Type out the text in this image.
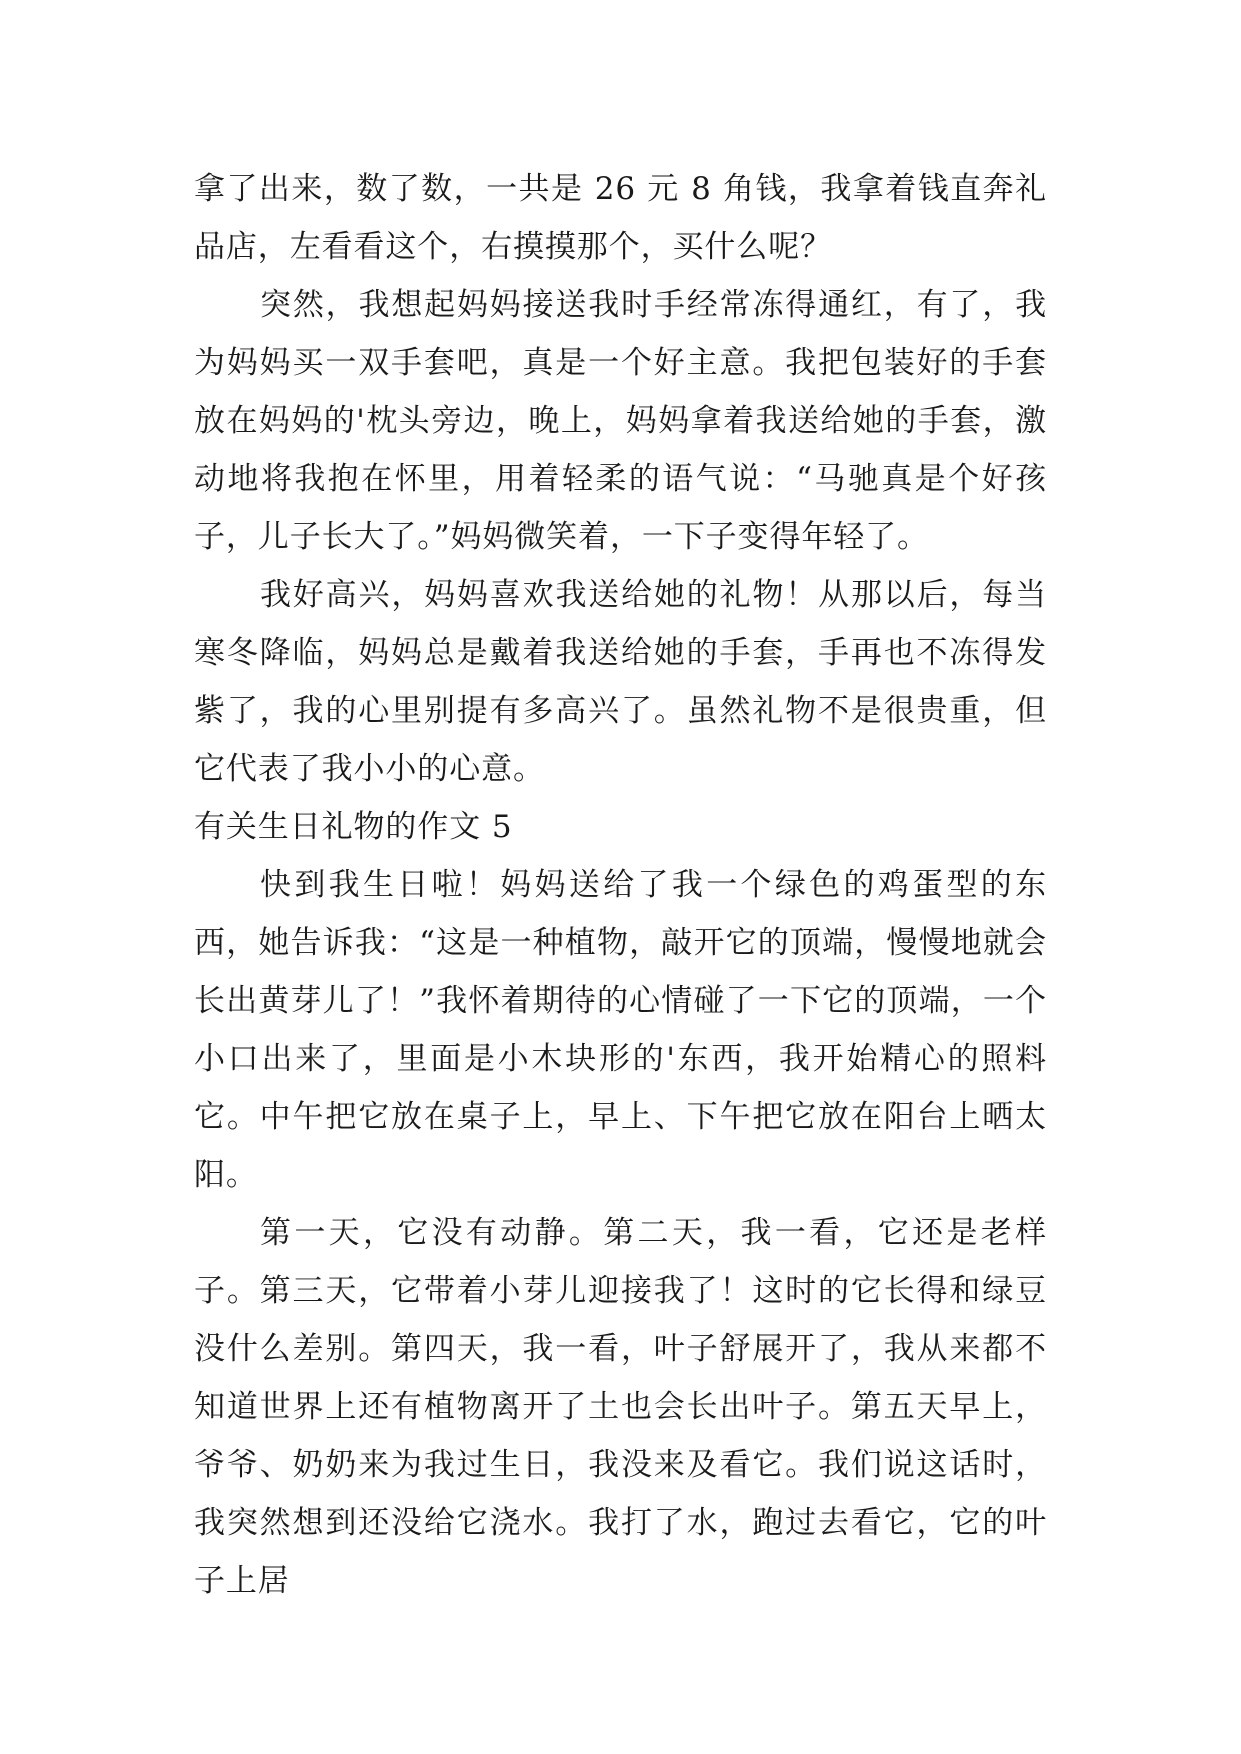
拿了出来，数了数，一共是 26 元 8 角钱，我拿着钱直奔礼品店，左看看这个，右摸摸那个，买什么呢？

突然，我想起妈妈接送我时手经常冻得通红，有了，我为妈妈买一双手套吧，真是一个好主意。我把包装好的手套放在妈妈的'枕头旁边，晚上，妈妈拿着我送给她的手套，激动地将我抱在怀里，用着轻柔的语气说：“马驰真是个好孩子，儿子长大了。”妈妈微笑着，一下子变得年轻了。

我好高兴，妈妈喜欢我送给她的礼物！从那以后，每当寒冬降临，妈妈总是戴着我送给她的手套，手再也不冻得发紫了，我的心里别提有多高兴了。虽然礼物不是很贵重，但它代表了我小小的心意。

有关生日礼物的作文 5

快到我生日啦！妈妈送给了我一个绿色的鸡蛋型的东西，她告诉我：“这是一种植物，敲开它的顶端，慢慢地就会长出黄芽儿了！”我怀着期待的心情碰了一下它的顶端，一个小口出来了，里面是小木块形的'东西，我开始精心的照料它。中午把它放在桌子上，早上、下午把它放在阳台上晒太阳。

第一天，它没有动静。第二天，我一看，它还是老样子。第三天，它带着小芽儿迎接我了！这时的它长得和绿豆没什么差别。第四天，我一看，叶子舒展开了，我从来都不知道世界上还有植物离开了土也会长出叶子。第五天早上，爷爷、奶奶来为我过生日，我没来及看它。我们说这话时，我突然想到还没给它浇水。我打了水，跑过去看它，它的叶子上居
